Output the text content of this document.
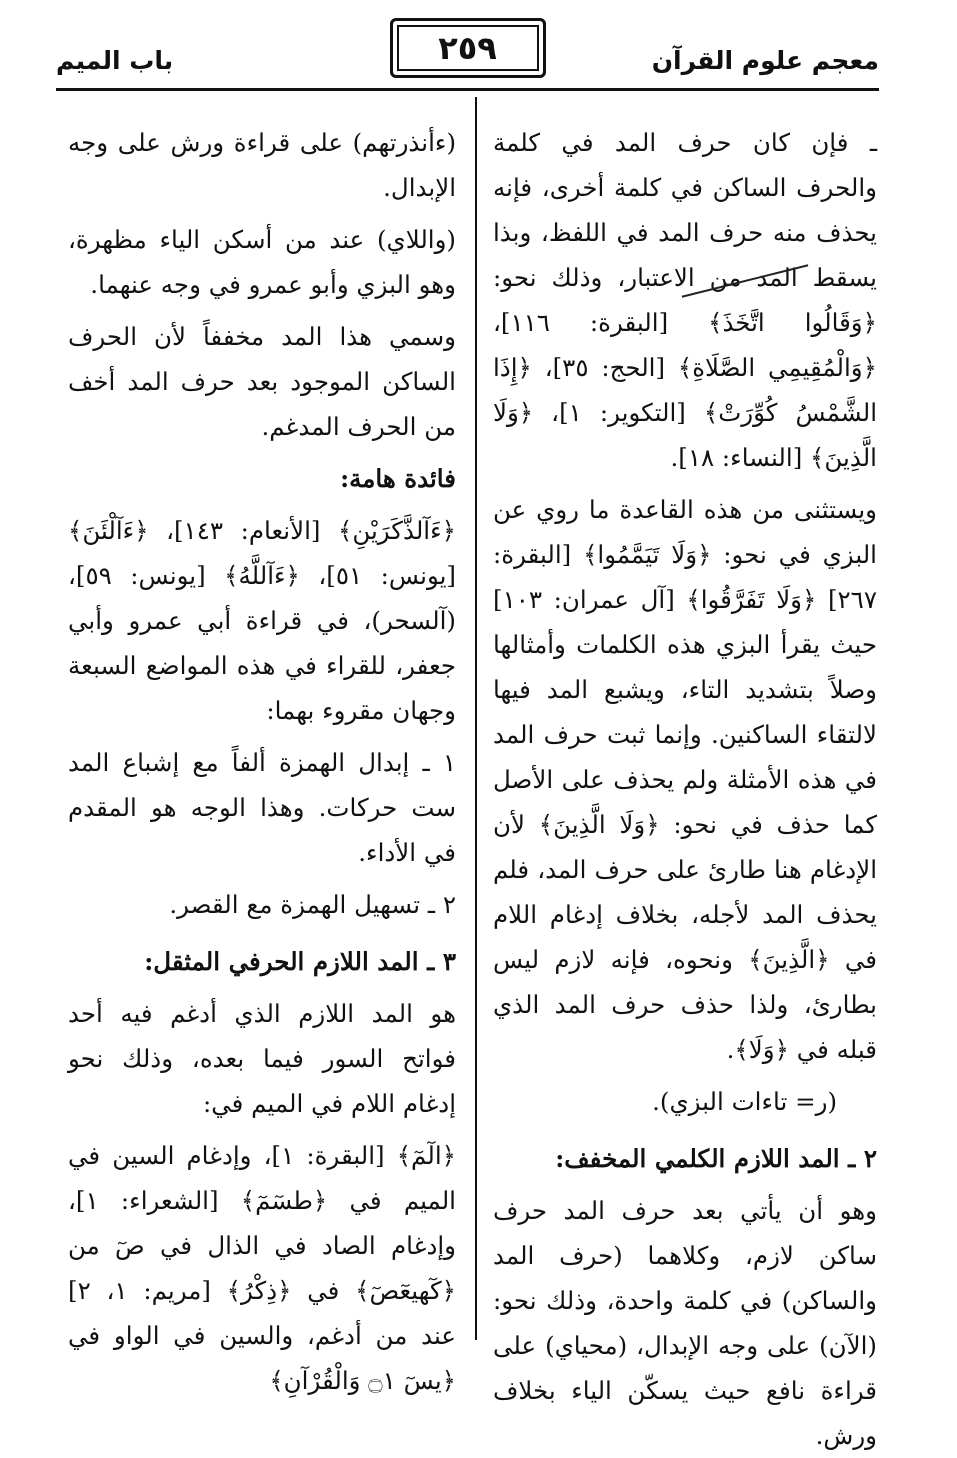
معجم علوم القرآن
٢٥٩
باب الميم

ـ فإن كان حرف المد في كلمة والحرف الساكن في كلمة أخرى، فإنه يحذف منه حرف المد في اللفظ، وبذا يسقط المد من الاعتبار، وذلك نحو: ﴿وَقَالُوا اتَّخَذَ﴾ [البقرة: ١١٦]، ﴿وَالْمُقِيمِي الصَّلَاةِ﴾ [الحج: ٣٥]، ﴿إِذَا الشَّمْسُ كُوِّرَتْ﴾ [التكوير: ١]، ﴿وَلَا الَّذِينَ﴾ [النساء: ١٨].

ويستثنى من هذه القاعدة ما روي عن البزي في نحو: ﴿وَلَا تَيَمَّمُوا﴾ [البقرة: ٢٦٧] ﴿وَلَا تَفَرَّقُوا﴾ [آل عمران: ١٠٣] حيث يقرأ البزي هذه الكلمات وأمثالها وصلاً بتشديد التاء، ويشبع المد فيها لالتقاء الساكنين. وإنما ثبت حرف المد في هذه الأمثلة ولم يحذف على الأصل كما حذف في نحو: ﴿وَلَا الَّذِينَ﴾ لأن الإدغام هنا طارئ على حرف المد، فلم يحذف المد لأجله، بخلاف إدغام اللام في ﴿الَّذِينَ﴾ ونحوه، فإنه لازم ليس بطارئ، ولذا حذف حرف المد الذي قبله في ﴿وَلَا﴾.

(ر= تاءات البزي).

٢ ـ المد اللازم الكلمي المخفف:

وهو أن يأتي بعد حرف المد حرف ساكن لازم، وكلاهما (حرف المد والساكن) في كلمة واحدة، وذلك نحو: (الآن) على وجه الإبدال، (محياي) على قراءة نافع حيث يسكّن الياء بخلاف ورش.

(ءأنذرتهم) على قراءة ورش على وجه الإبدال.

(واللاي) عند من أسكن الياء مظهرة، وهو البزي وأبو عمرو في وجه عنهما.

وسمي هذا المد مخففاً لأن الحرف الساكن الموجود بعد حرف المد أخف من الحرف المدغم.

فائدة هامة:

﴿ءَآلذَّكَرَيْنِ﴾ [الأنعام: ١٤٣]، ﴿ءَآلْئَنَ﴾ [يونس: ٥١]، ﴿ءَآللَّهُ﴾ [يونس: ٥٩]، (آلسحر)، في قراءة أبي عمرو وأبي جعفر، للقراء في هذه المواضع السبعة وجهان مقروء بهما:

١ ـ إبدال الهمزة ألفاً مع إشباع المد ست حركات. وهذا الوجه هو المقدم في الأداء.

٢ ـ تسهيل الهمزة مع القصر.

٣ ـ المد اللازم الحرفي المثقل:

هو المد اللازم الذي أدغم فيه أحد فواتح السور فيما بعده، وذلك نحو إدغام اللام في الميم في:

﴿الٓمٓ﴾ [البقرة: ١]، وإدغام السين في الميم في ﴿طسٓمٓ﴾ [الشعراء: ١]، وإدغام الصاد في الذال في صٓ من ﴿كٓهيعٓصٓ﴾ في ﴿ذِكْرُ﴾ [مريم: ١، ٢] عند من أدغم، والسين في الواو في ﴿يسٓ ۝١ وَالْقُرْآنِ﴾
